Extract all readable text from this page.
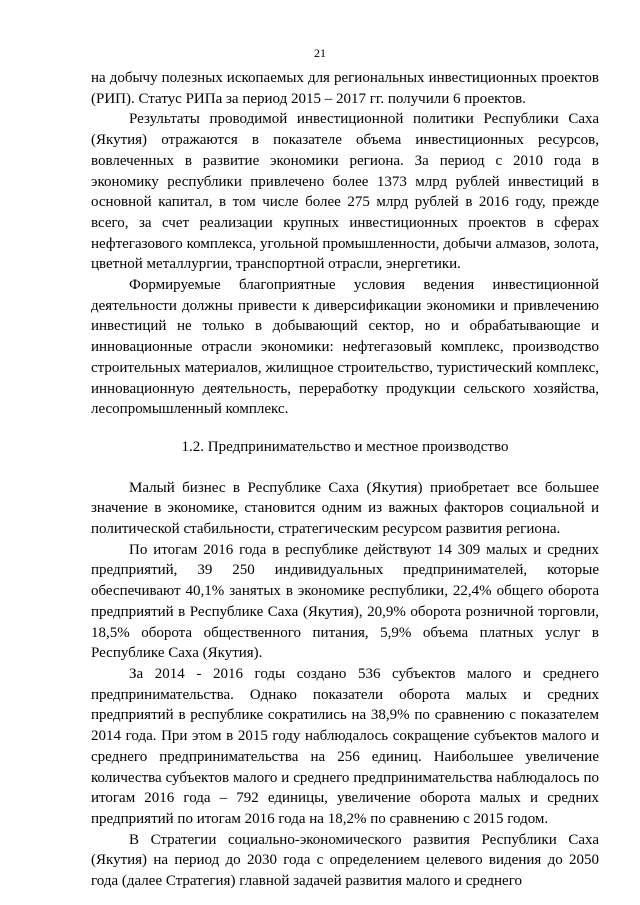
21

на добычу полезных ископаемых для региональных инвестиционных проектов (РИП). Статус РИПа за период 2015 – 2017 гг. получили 6 проектов.

Результаты проводимой инвестиционной политики Республики Саха (Якутия) отражаются в показателе объема инвестиционных ресурсов, вовлеченных в развитие экономики региона. За период с 2010 года в экономику республики привлечено более 1373 млрд рублей инвестиций в основной капитал, в том числе более 275 млрд рублей в 2016 году, прежде всего, за счет реализации крупных инвестиционных проектов в сферах нефтегазового комплекса, угольной промышленности, добычи алмазов, золота, цветной металлургии, транспортной отрасли, энергетики.

Формируемые благоприятные условия ведения инвестиционной деятельности должны привести к диверсификации экономики и привлечению инвестиций не только в добывающий сектор, но и обрабатывающие и инновационные отрасли экономики: нефтегазовый комплекс, производство строительных материалов, жилищное строительство, туристический комплекс, инновационную деятельность, переработку продукции сельского хозяйства, лесопромышленный комплекс.

1.2. Предпринимательство и местное производство

Малый бизнес в Республике Саха (Якутия) приобретает все большее значение в экономике, становится одним из важных факторов социальной и политической стабильности, стратегическим ресурсом развития региона.

По итогам 2016 года в республике действуют 14 309 малых и средних предприятий, 39 250 индивидуальных предпринимателей, которые обеспечивают 40,1% занятых в экономике республики, 22,4% общего оборота предприятий в Республике Саха (Якутия), 20,9% оборота розничной торговли, 18,5% оборота общественного питания, 5,9% объема платных услуг в Республике Саха (Якутия).

За 2014 - 2016 годы создано 536 субъектов малого и среднего предпринимательства. Однако показатели оборота малых и средних предприятий в республике сократились на 38,9% по сравнению с показателем 2014 года. При этом в 2015 году наблюдалось сокращение субъектов малого и среднего предпринимательства на 256 единиц. Наибольшее увеличение количества субъектов малого и среднего предпринимательства наблюдалось по итогам 2016 года – 792 единицы, увеличение оборота малых и средних предприятий по итогам 2016 года на 18,2% по сравнению с 2015 годом.

В Стратегии социально-экономического развития Республики Саха (Якутия) на период до 2030 года с определением целевого видения до 2050 года (далее Стратегия) главной задачей развития малого и среднего
